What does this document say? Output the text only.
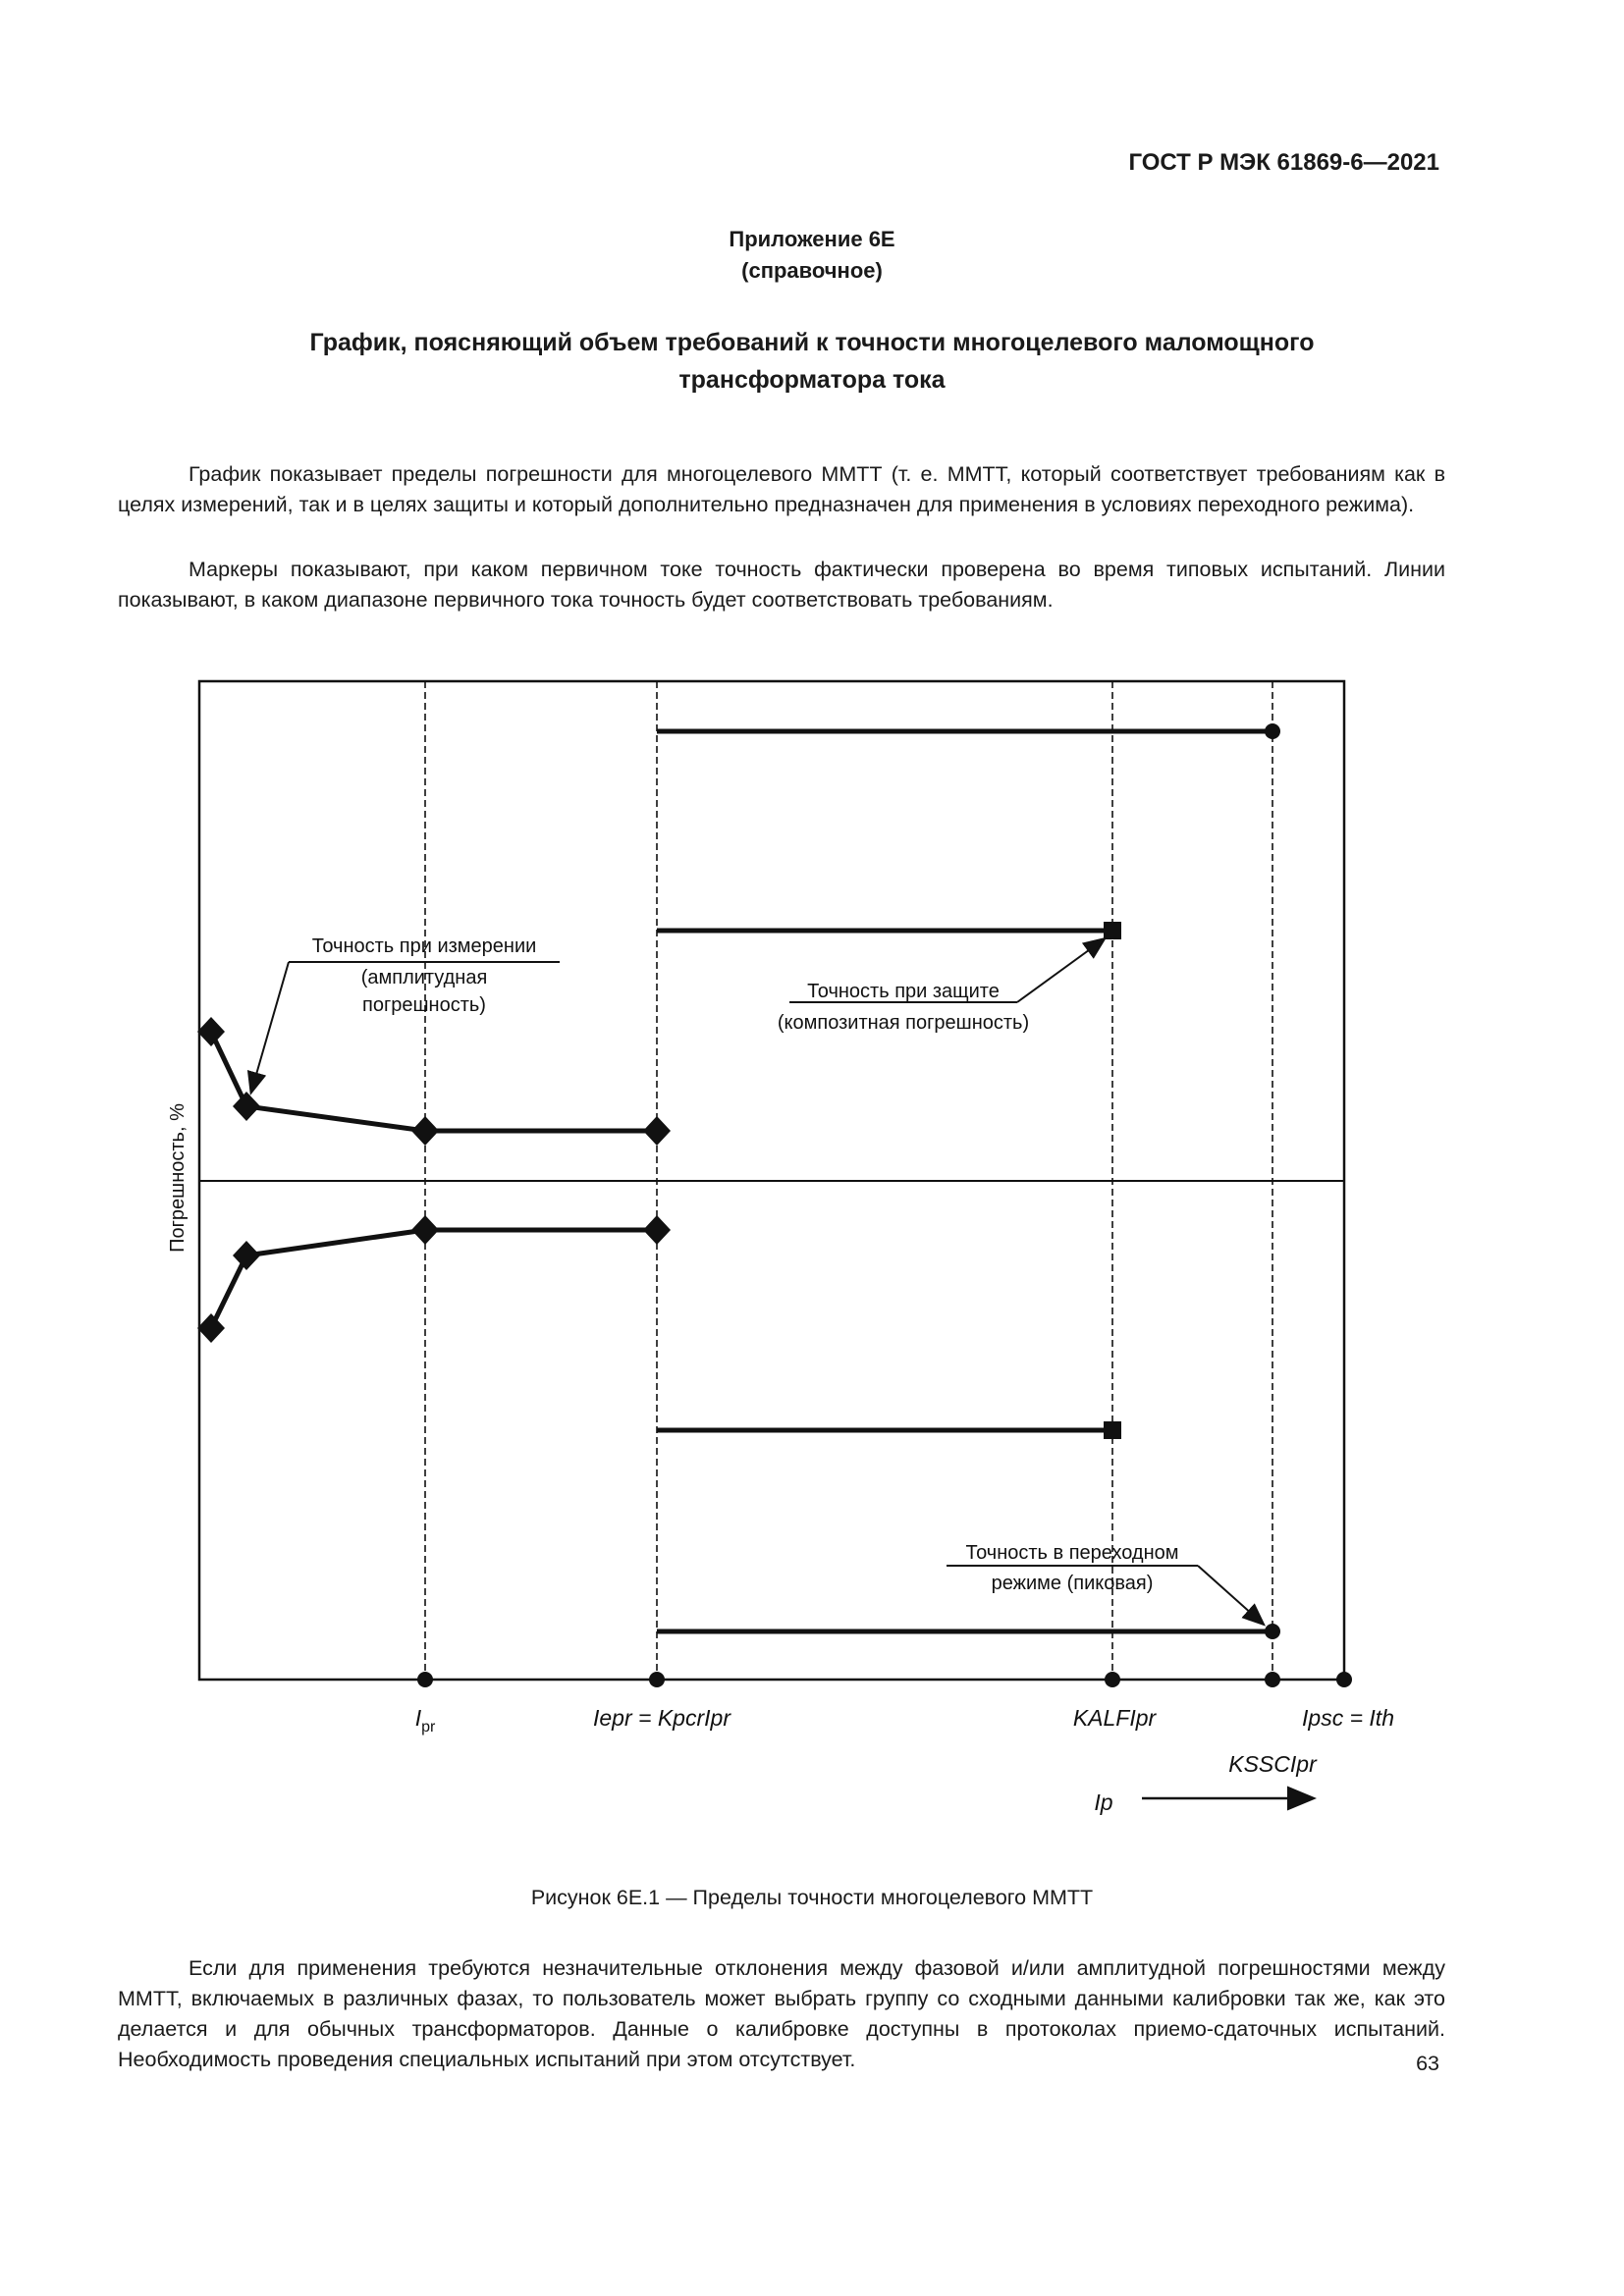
ГОСТ Р МЭК 61869-6—2021
Приложение 6Е
(справочное)
График, поясняющий объем требований к точности многоцелевого маломощного
трансформатора тока
График показывает пределы погрешности для многоцелевого ММТТ (т. е. ММТТ, который соответствует требованиям как в целях измерений, так и в целях защиты и который дополнительно предназначен для применения в условиях переходного режима).
Маркеры показывают, при каком первичном токе точность фактически проверена во время типовых испытаний. Линии показывают, в каком диапазоне первичного тока точность будет соответствовать требованиям.
Точность при измерении
(амплитудная
погрешность)
Точность при защите
(композитная погрешность)
Точность в переходном
режиме (пиковая)
Погрешность, %
$I_{pr}$	Iepr = KpcrIpr	KALFIpr
KSSCIpr
Ipsc = Ith
Ip
Рисунок 6Е.1 — Пределы точности многоцелевого ММТТ
Если для применения требуются незначительные отклонения между фазовой и/или амплитудной погрешностями между ММТТ, включаемых в различных фазах, то пользователь может выбрать группу со сходными данными калибровки так же, как это делается и для обычных трансформаторов. Данные о калибровке доступны в протоколах приемо-сдаточных испытаний. Необходимость проведения специальных испытаний при этом отсутствует.	63
